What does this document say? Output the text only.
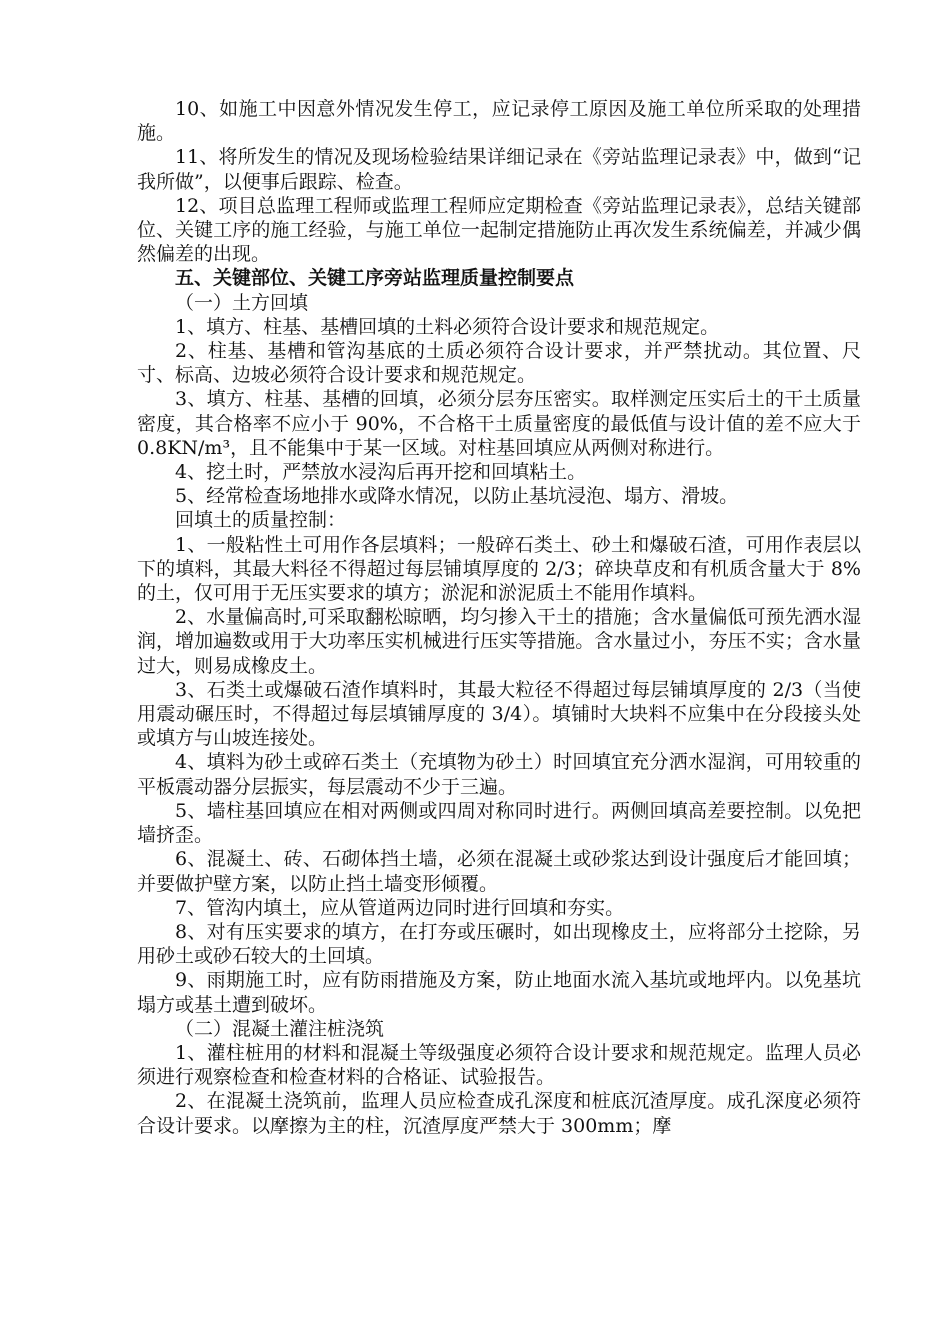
10、如施工中因意外情况发生停工，应记录停工原因及施工单位所采取的处理措施。

11、将所发生的情况及现场检验结果详细记录在《旁站监理记录表》中，做到“记我所做”，以便事后跟踪、检查。

12、项目总监理工程师或监理工程师应定期检查《旁站监理记录表》，总结关键部位、关键工序的施工经验，与施工单位一起制定措施防止再次发生系统偏差，并减少偶然偏差的出现。

五、关键部位、关键工序旁站监理质量控制要点

（一）土方回填

1、填方、柱基、基槽回填的土料必须符合设计要求和规范规定。

2、柱基、基槽和管沟基底的土质必须符合设计要求，并严禁扰动。其位置、尺寸、标高、边坡必须符合设计要求和规范规定。

3、填方、柱基、基槽的回填，必须分层夯压密实。取样测定压实后土的干土质量密度，其合格率不应小于 90%，不合格干土质量密度的最低值与设计值的差不应大于 0.8KN/m³，且不能集中于某一区域。对柱基回填应从两侧对称进行。

4、挖土时，严禁放水浸沟后再开挖和回填粘土。

5、经常检查场地排水或降水情况，以防止基坑浸泡、塌方、滑坡。

回填土的质量控制：

1、一般粘性土可用作各层填料；一般碎石类土、砂土和爆破石渣，可用作表层以下的填料，其最大料径不得超过每层铺填厚度的 2/3；碎块草皮和有机质含量大于 8%的土，仅可用于无压实要求的填方；淤泥和淤泥质土不能用作填料。

2、水量偏高时,可采取翻松晾晒，均匀掺入干土的措施；含水量偏低可预先洒水湿润，增加遍数或用于大功率压实机械进行压实等措施。含水量过小，夯压不实；含水量过大，则易成橡皮土。

3、石类土或爆破石渣作填料时，其最大粒径不得超过每层铺填厚度的 2/3（当使用震动碾压时，不得超过每层填铺厚度的 3/4）。填铺时大块料不应集中在分段接头处或填方与山坡连接处。

4、填料为砂土或碎石类土（充填物为砂土）时回填宜充分洒水湿润，可用较重的平板震动器分层振实，每层震动不少于三遍。

5、墙柱基回填应在相对两侧或四周对称同时进行。两侧回填高差要控制。以免把墙挤歪。

6、混凝土、砖、石砌体挡土墙，必须在混凝土或砂浆达到设计强度后才能回填；并要做护壁方案，以防止挡土墙变形倾覆。

7、管沟内填土，应从管道两边同时进行回填和夯实。

8、对有压实要求的填方，在打夯或压碾时，如出现橡皮土，应将部分土挖除，另用砂土或砂石较大的土回填。

9、雨期施工时，应有防雨措施及方案，防止地面水流入基坑或地坪内。以免基坑塌方或基土遭到破坏。

（二）混凝土灌注桩浇筑

1、灌柱桩用的材料和混凝土等级强度必须符合设计要求和规范规定。监理人员必须进行观察检查和检查材料的合格证、试验报告。

2、在混凝土浇筑前，监理人员应检查成孔深度和桩底沉渣厚度。成孔深度必须符合设计要求。以摩擦为主的柱，沉渣厚度严禁大于 300mm；摩
